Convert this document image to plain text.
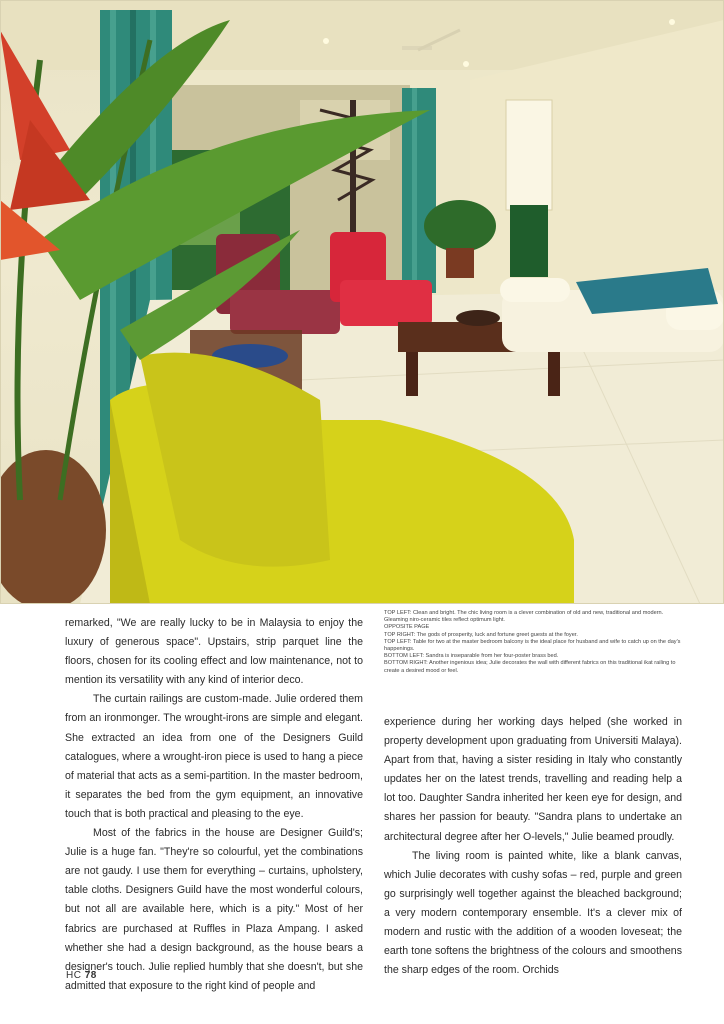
TOP LEFT: Clean and bright. The chic living room is a clever combination of old and new, traditional and modern. Gleaming niro-ceramic tiles reflect optimum light.
OPPOSITE PAGE
TOP RIGHT: The gods of prosperity, luck and fortune greet guests at the foyer.
TOP LEFT: Table for two at the master bedroom balcony is the ideal place for husband and wife to catch up on the day's happenings.
BOTTOM LEFT: Sandra is inseparable from her four-poster brass bed.
BOTTOM RIGHT: Another ingenious idea; Julie decorates the wall with different fabrics on this traditional ikat railing to create a desired mood or feel.

remarked, "We are really lucky to be in Malaysia to enjoy the luxury of generous space". Upstairs, strip parquet line the floors, chosen for its cooling effect and low maintenance, not to mention its versatility with any kind of interior deco.

The curtain railings are custom-made. Julie ordered them from an ironmonger. The wrought-irons are simple and elegant. She extracted an idea from one of the Designers Guild catalogues, where a wrought-iron piece is used to hang a piece of material that acts as a semi-partition. In the master bedroom, it separates the bed from the gym equipment, an innovative touch that is both practical and pleasing to the eye.

Most of the fabrics in the house are Designer Guild's; Julie is a huge fan. "They're so colourful, yet the combinations are not gaudy. I use them for everything – curtains, upholstery, table cloths. Designers Guild have the most wonderful colours, but not all are available here, which is a pity." Most of her fabrics are purchased at Ruffles in Plaza Ampang. I asked whether she had a design background, as the house bears a designer's touch. Julie replied humbly that she doesn't, but she admitted that exposure to the right kind of people and

experience during her working days helped (she worked in property development upon graduating from Universiti Malaya). Apart from that, having a sister residing in Italy who constantly updates her on the latest trends, travelling and reading help a lot too. Daughter Sandra inherited her keen eye for design, and shares her passion for beauty. "Sandra plans to undertake an architectural degree after her O-levels," Julie beamed proudly.

The living room is painted white, like a blank canvas, which Julie decorates with cushy sofas – red, purple and green go surprisingly well together against the bleached background; a very modern contemporary ensemble. It's a clever mix of modern and rustic with the addition of a wooden loveseat; the earth tone softens the brightness of the colours and smoothens the sharp edges of the room. Orchids

HC 78
